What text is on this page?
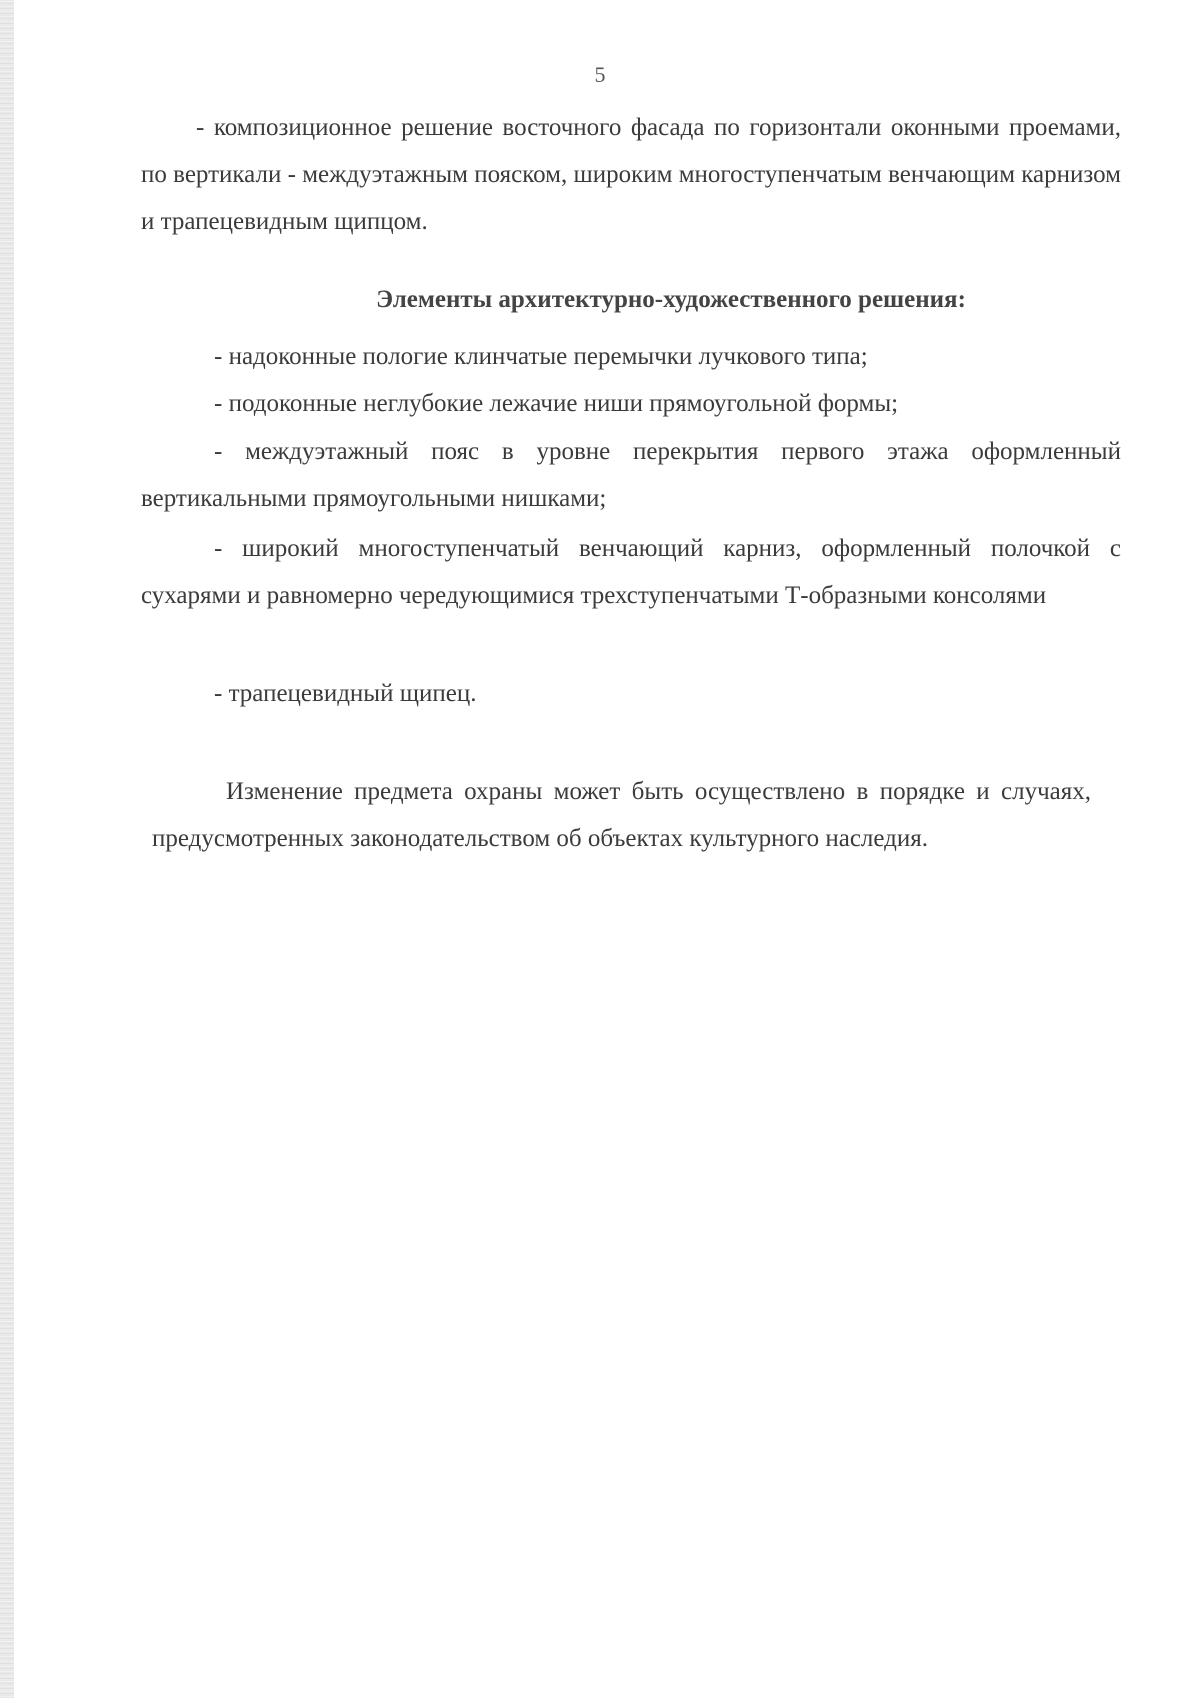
5

- композиционное решение восточного фасада по горизонтали оконными проемами, по вертикали - междуэтажным пояском, широким многоступенчатым венчающим карнизом и трапецевидным щипцом.

Элементы архитектурно-художественного решения:

- надоконные пологие клинчатые перемычки лучкового типа;

- подоконные неглубокие лежачие ниши прямоугольной формы;

- междуэтажный пояс в уровне перекрытия первого этажа оформленный вертикальными прямоугольными нишками;

- широкий многоступенчатый венчающий карниз, оформленный полочкой с сухарями и равномерно чередующимися трехступенчатыми Т-образными консолями

- трапецевидный щипец.

Изменение предмета охраны может быть осуществлено в порядке и случаях, предусмотренных законодательством об объектах культурного наследия.
